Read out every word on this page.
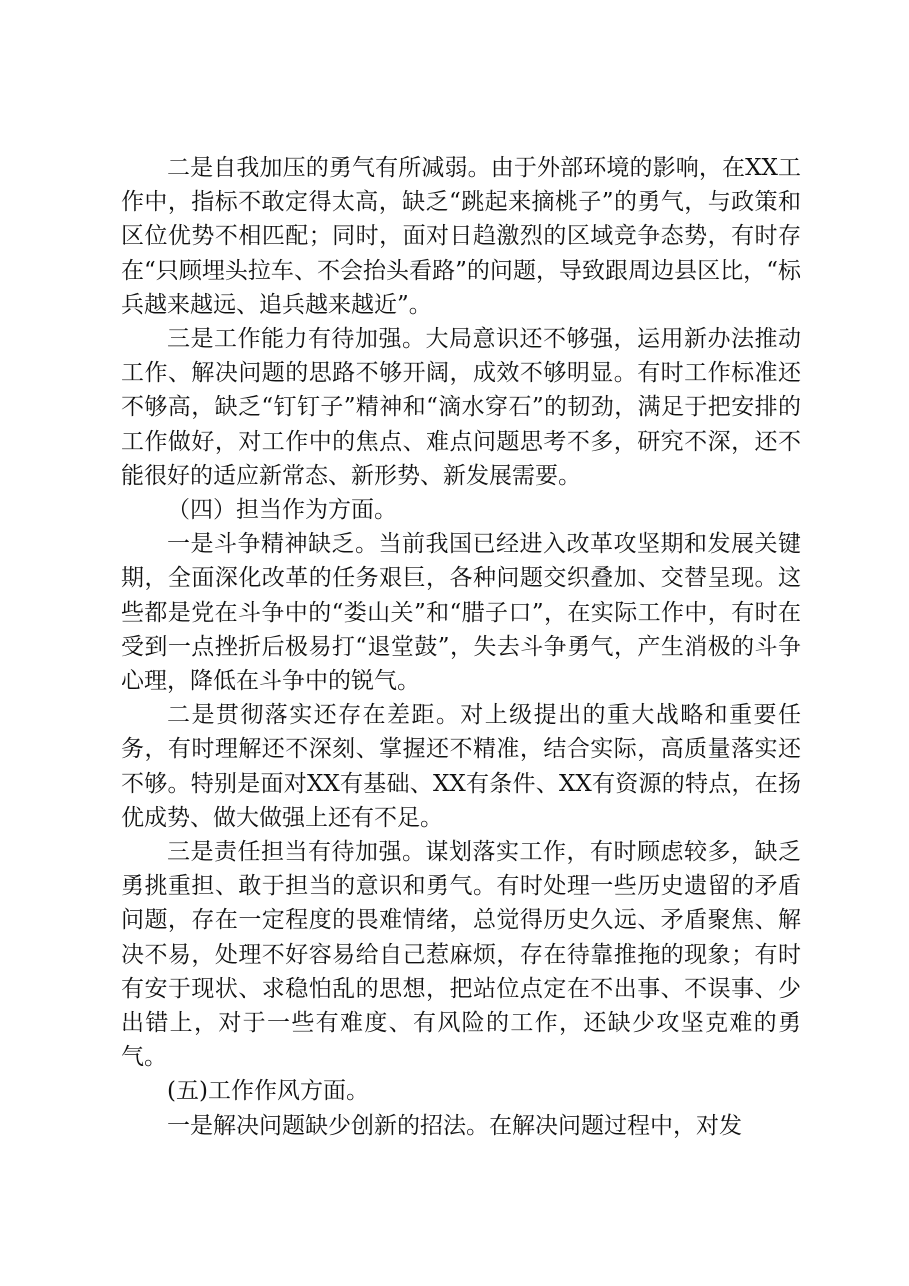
二是自我加压的勇气有所减弱。由于外部环境的影响，在XX工作中，指标不敢定得太高，缺乏“跳起来摘桃子”的勇气，与政策和区位优势不相匹配；同时，面对日趋激烈的区域竞争态势，有时存在“只顾埋头拉车、不会抬头看路”的问题，导致跟周边县区比，“标兵越来越远、追兵越来越近”。

三是工作能力有待加强。大局意识还不够强，运用新办法推动工作、解决问题的思路不够开阔，成效不够明显。有时工作标准还不够高，缺乏“钉钉子”精神和“滴水穿石”的韧劲，满足于把安排的工作做好，对工作中的焦点、难点问题思考不多，研究不深，还不能很好的适应新常态、新形势、新发展需要。

（四）担当作为方面。

一是斗争精神缺乏。当前我国已经进入改革攻坚期和发展关键期，全面深化改革的任务艰巨，各种问题交织叠加、交替呈现。这些都是党在斗争中的“娄山关”和“腊子口”，在实际工作中，有时在受到一点挫折后极易打“退堂鼓”，失去斗争勇气，产生消极的斗争心理，降低在斗争中的锐气。

二是贯彻落实还存在差距。对上级提出的重大战略和重要任务，有时理解还不深刻、掌握还不精准，结合实际，高质量落实还不够。特别是面对XX有基础、XX有条件、XX有资源的特点，在扬优成势、做大做强上还有不足。

三是责任担当有待加强。谋划落实工作，有时顾虑较多，缺乏勇挑重担、敢于担当的意识和勇气。有时处理一些历史遗留的矛盾问题，存在一定程度的畏难情绪，总觉得历史久远、矛盾聚焦、解决不易，处理不好容易给自己惹麻烦，存在待靠推拖的现象；有时有安于现状、求稳怕乱的思想，把站位点定在不出事、不误事、少出错上，对于一些有难度、有风险的工作，还缺少攻坚克难的勇气。

(五)工作作风方面。

一是解决问题缺少创新的招法。在解决问题过程中，对发
